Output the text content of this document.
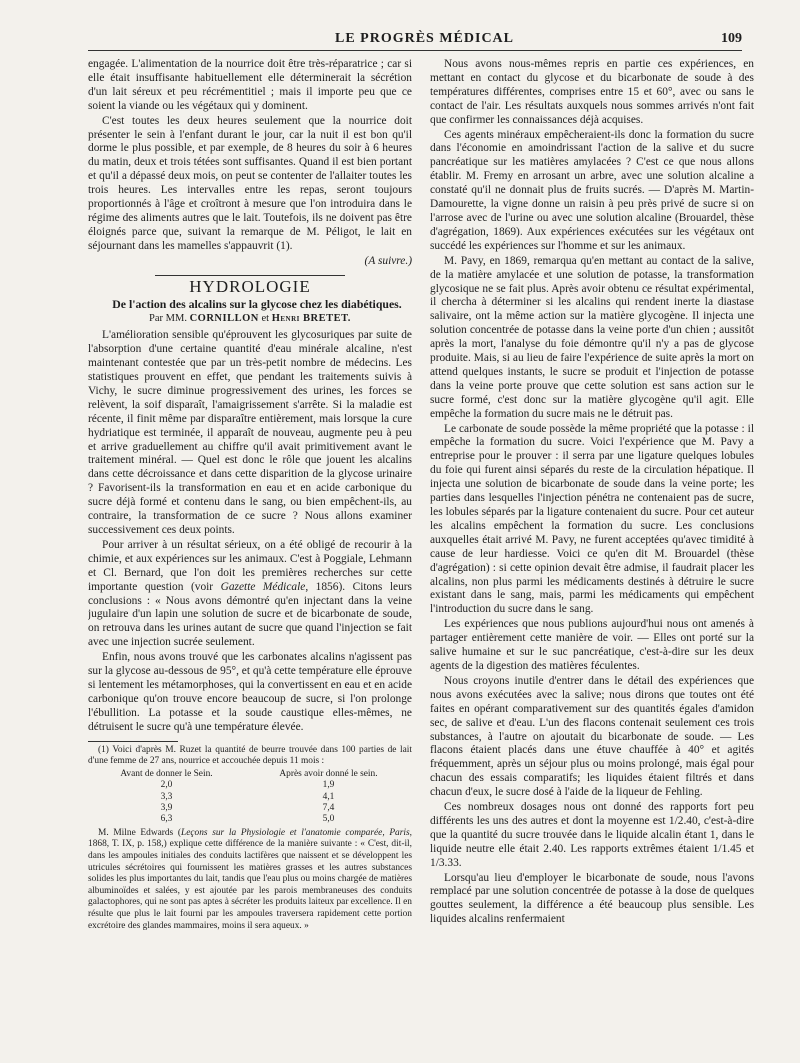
LE PROGRÈS MÉDICAL	109

engagée. L'alimentation de la nourrice doit être très-réparatrice ; car si elle était insuffisante habituellement elle déterminerait la sécrétion d'un lait séreux et peu récrémentitiel ; mais il importe peu que ce soient la viande ou les végétaux qui y dominent.

C'est toutes les deux heures seulement que la nourrice doit présenter le sein à l'enfant durant le jour, car la nuit il est bon qu'il dorme le plus possible, et par exemple, de 8 heures du soir à 6 heures du matin, deux et trois tétées sont suffisantes. Quand il est bien portant et qu'il a dépassé deux mois, on peut se contenter de l'allaiter toutes les trois heures. Les intervalles entre les repas, seront toujours proportionnés à l'âge et croîtront à mesure que l'on introduira dans le régime des aliments autres que le lait. Toutefois, ils ne doivent pas être éloignés parce que, suivant la remarque de M. Péligot, le lait en séjournant dans les mamelles s'appauvrit (1).

(A suivre.)

HYDROLOGIE

De l'action des alcalins sur la glycose chez les diabétiques.

Par MM. CORNILLON et Henri BRETET.

L'amélioration sensible qu'éprouvent les glycosuriques par suite de l'absorption d'une certaine quantité d'eau minérale alcaline, n'est maintenant contestée que par un très-petit nombre de médecins. Les statistiques prouvent en effet, que pendant les traitements suivis à Vichy, le sucre diminue progressivement des urines, les forces se relèvent, la soif disparaît, l'amaigrissement s'arrête. Si la maladie est récente, il finit même par disparaître entièrement, mais lorsque la cure hydriatique est terminée, il apparaît de nouveau, augmente peu à peu et arrive graduellement au chiffre qu'il avait primitivement avant le traitement minéral. — Quel est donc le rôle que jouent les alcalins dans cette décroissance et dans cette disparition de la glycose urinaire ? Favorisent-ils la transformation en eau et en acide carbonique du sucre déjà formé et contenu dans le sang, ou bien empêchent-ils, au contraire, la transformation de ce sucre ? Nous allons examiner successivement ces deux points.

Pour arriver à un résultat sérieux, on a été obligé de recourir à la chimie, et aux expériences sur les animaux. C'est à Poggiale, Lehmann et Cl. Bernard, que l'on doit les premières recherches sur cette importante question (voir Gazette Médicale, 1856). Citons leurs conclusions : « Nous avons démontré qu'en injectant dans la veine jugulaire d'un lapin une solution de sucre et de bicarbonate de soude, on retrouva dans les urines autant de sucre que quand l'injection se fait avec une injection sucrée seulement.

Enfin, nous avons trouvé que les carbonates alcalins n'agissent pas sur la glycose au-dessous de 95°, et qu'à cette température elle éprouve si lentement les métamorphoses, qui la convertissent en eau et en acide carbonique qu'on trouve encore beaucoup de sucre, si l'on prolonge l'ébullition. La potasse et la soude caustique elles-mêmes, ne détruisent le sucre qu'à une température élevée.

(1) Voici d'après M. Ruzet la quantité de beurre trouvée dans 100 parties de lait d'une femme de 27 ans, nourrice et accouchée depuis 11 mois :

Avant de donner le Sein.	Après avoir donné le sein.
2,0	1,9
3,3	4,1
3,9	7,4
6,3	5,0

M. Milne Edwards (Leçons sur la Physiologie et l'anatomie comparée, Paris, 1868, T. IX, p. 158,) explique cette différence de la manière suivante : « C'est, dit-il, dans les ampoules initiales des conduits lactifères que naissent et se développent les utricules sécrétoires qui fournissent les matières grasses et les autres substances solides les plus importantes du lait, tandis que l'eau plus ou moins chargée de matières albuminoïdes et salées, y est ajoutée par les parois membraneuses des conduits galactophores, qui ne sont pas aptes à sécréter les produits laiteux par excellence. Il en résulte que plus le lait fourni par les ampoules traversera rapidement cette portion excrétoire des glandes mammaires, moins il sera aqueux. »

Nous avons nous-mêmes repris en partie ces expériences, en mettant en contact du glycose et du bicarbonate de soude à des températures différentes, comprises entre 15 et 60°, avec ou sans le contact de l'air. Les résultats auxquels nous sommes arrivés n'ont fait que confirmer les connaissances déjà acquises.

Ces agents minéraux empêcheraient-ils donc la formation du sucre dans l'économie en amoindrissant l'action de la salive et du sucre pancréatique sur les matières amylacées ? C'est ce que nous allons établir. M. Fremy en arrosant un arbre, avec une solution alcaline a constaté qu'il ne donnait plus de fruits sucrés. — D'après M. Martin-Damourette, la vigne donne un raisin à peu près privé de sucre si on l'arrose avec de l'urine ou avec une solution alcaline (Brouardel, thèse d'agrégation, 1869). Aux expériences exécutées sur les végétaux ont succédé les expériences sur l'homme et sur les animaux.

M. Pavy, en 1869, remarqua qu'en mettant au contact de la salive, de la matière amylacée et une solution de potasse, la transformation glycosique ne se fait plus. Après avoir obtenu ce résultat expérimental, il chercha à déterminer si les alcalins qui rendent inerte la diastase salivaire, ont la même action sur la matière glycogène. Il injecta une solution concentrée de potasse dans la veine porte d'un chien ; aussitôt après la mort, l'analyse du foie démontre qu'il n'y a pas de glycose produite. Mais, si au lieu de faire l'expérience de suite après la mort on attend quelques instants, le sucre se produit et l'injection de potasse dans la veine porte prouve que cette solution est sans action sur le sucre formé, c'est donc sur la matière glycogène qu'il agit. Elle empêche la formation du sucre mais ne le détruit pas.

Le carbonate de soude possède la même propriété que la potasse : il empêche la formation du sucre. Voici l'expérience que M. Pavy a entreprise pour le prouver : il serra par une ligature quelques lobules du foie qui furent ainsi séparés du reste de la circulation hépatique. Il injecta une solution de bicarbonate de soude dans la veine porte; les parties dans lesquelles l'injection pénétra ne contenaient pas de sucre, les lobules séparés par la ligature contenaient du sucre. Pour cet auteur les alcalins empêchent la formation du sucre. Les conclusions auxquelles était arrivé M. Pavy, ne furent acceptées qu'avec timidité à cause de leur hardiesse. Voici ce qu'en dit M. Brouardel (thèse d'agrégation) : si cette opinion devait être admise, il faudrait placer les alcalins, non plus parmi les médicaments destinés à détruire le sucre existant dans le sang, mais, parmi les médicaments qui empêchent l'introduction du sucre dans le sang.

Les expériences que nous publions aujourd'hui nous ont amenés à partager entièrement cette manière de voir. — Elles ont porté sur la salive humaine et sur le suc pancréatique, c'est-à-dire sur les deux agents de la digestion des matières féculentes.

Nous croyons inutile d'entrer dans le détail des expériences que nous avons exécutées avec la salive; nous dirons que toutes ont été faites en opérant comparativement sur des quantités égales d'amidon sec, de salive et d'eau. L'un des flacons contenait seulement ces trois substances, à l'autre on ajoutait du bicarbonate de soude. — Les flacons étaient placés dans une étuve chauffée à 40° et agités fréquemment, après un séjour plus ou moins prolongé, mais égal pour chacun des essais comparatifs; les liquides étaient filtrés et dans chacun d'eux, le sucre dosé à l'aide de la liqueur de Fehling.

Ces nombreux dosages nous ont donné des rapports fort peu différents les uns des autres et dont la moyenne est 1/2.40, c'est-à-dire que la quantité du sucre trouvée dans le liquide alcalin étant 1, dans le liquide neutre elle était 2.40. Les rapports extrêmes étaient 1/1.45 et 1/3.33.

Lorsqu'au lieu d'employer le bicarbonate de soude, nous l'avons remplacé par une solution concentrée de potasse à la dose de quelques gouttes seulement, la différence a été beaucoup plus sensible. Les liquides alcalins renfermaient
